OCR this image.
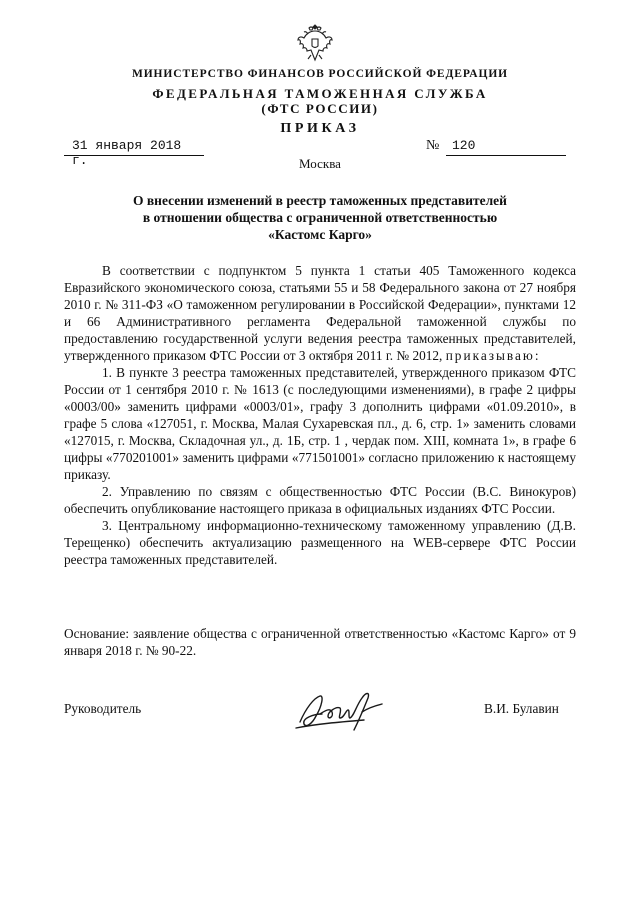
МИНИСТЕРСТВО ФИНАНСОВ РОССИЙСКОЙ ФЕДЕРАЦИИ
ФЕДЕРАЛЬНАЯ ТАМОЖЕННАЯ СЛУЖБА
(ФТС РОССИИ)
ПРИКАЗ
31 января 2018 г.
№ 120
Москва
О внесении изменений в реестр таможенных представителей
в отношении общества с ограниченной ответственностью
«Кастомс Карго»

В соответствии с подпунктом 5 пункта 1 статьи 405 Таможенного кодекса Евразийского экономического союза, статьями 55 и 58 Федерального закона от 27 ноября 2010 г. № 311-ФЗ «О таможенном регулировании в Российской Федерации», пунктами 12 и 66 Административного регламента Федеральной таможенной службы по предоставлению государственной услуги ведения реестра таможенных представителей, утвержденного приказом ФТС России от 3 октября 2011 г. № 2012, приказываю:

1. В пункте 3 реестра таможенных представителей, утвержденного приказом ФТС России от 1 сентября 2010 г. № 1613 (с последующими изменениями), в графе 2 цифры «0003/00» заменить цифрами «0003/01», графу 3 дополнить цифрами «01.09.2010», в графе 5 слова «127051, г. Москва, Малая Сухаревская пл., д. 6, стр. 1» заменить словами «127015, г. Москва, Складочная ул., д. 1Б, стр. 1 , чердак пом. XIII, комната 1», в графе 6 цифры «770201001» заменить цифрами «771501001» согласно приложению к настоящему приказу.

2. Управлению по связям с общественностью ФТС России (В.С. Винокуров) обеспечить опубликование настоящего приказа в официальных изданиях ФТС России.

3. Центральному информационно-техническому таможенному управлению (Д.В. Терещенко) обеспечить актуализацию размещенного на WEB-сервере ФТС России реестра таможенных представителей.

Основание: заявление общества с ограниченной ответственностью «Кастомс Карго» от 9 января 2018 г. № 90-22.
Руководитель	В.И. Булавин
